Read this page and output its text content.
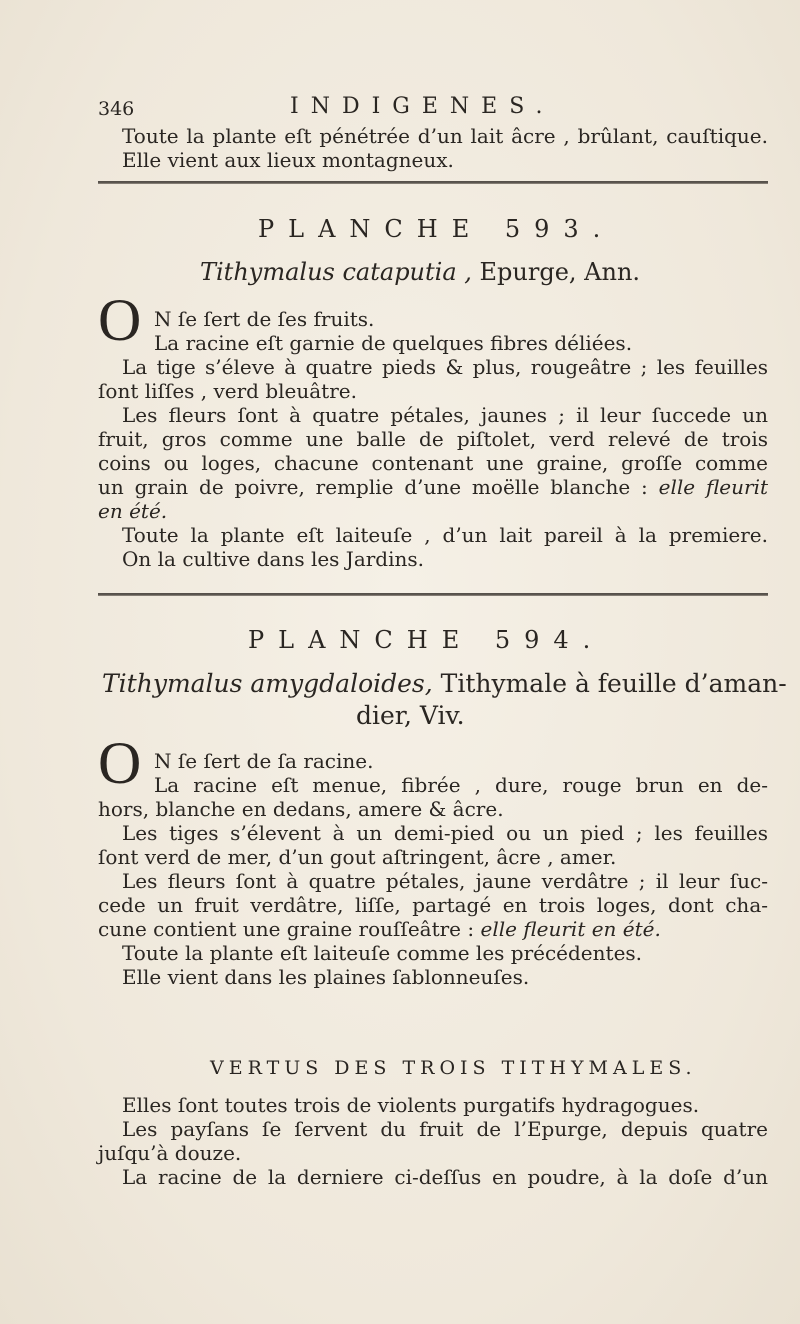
346	INDIGENES.
Toute la plante eſt pénétrée d’un lait âcre , brûlant, cauſtique.
Elle vient aux lieux montagneux.
PLANCHE 593.
Tithymalus cataputia , Epurge, Ann.
O N ſe ſert de ſes fruits.
La racine eſt garnie de quelques fibres déliées.
La tige s’éleve à quatre pieds & plus, rougeâtre ; les feuilles
ſont liſſes , verd bleuâtre.
Les fleurs ſont à quatre pétales, jaunes ; il leur ſuccede un
fruit, gros comme une balle de piſtolet, verd relevé de trois
coins ou loges, chacune contenant une graine, groſſe comme
un grain de poivre, remplie d’une moëlle blanche : elle fleurit
en été.
Toute la plante eſt laiteuſe , d’un lait pareil à la premiere.
On la cultive dans les Jardins.
PLANCHE 594.
Tithymalus amygdaloides, Tithymale à feuille d’aman-
dier, Viv.
O N ſe ſert de ſa racine.
La racine eſt menue, fibrée , dure, rouge brun en de-
hors, blanche en dedans, amere & âcre.
Les tiges s’élevent à un demi-pied ou un pied ; les feuilles
ſont verd de mer, d’un gout aſtringent, âcre , amer.
Les fleurs ſont à quatre pétales, jaune verdâtre ; il leur ſuc-
cede un fruit verdâtre, liſſe, partagé en trois loges, dont cha-
cune contient une graine rouſſeâtre : elle fleurit en été.
Toute la plante eſt laiteuſe comme les précédentes.
Elle vient dans les plaines ſablonneuſes.
VERTUS DES TROIS TITHYMALES.
Elles ſont toutes trois de violents purgatifs hydragogues.
Les payſans ſe ſervent du fruit de l’Epurge, depuis quatre
juſqu’à douze.
La racine de la derniere ci-deſſus en poudre, à la doſe d’un
